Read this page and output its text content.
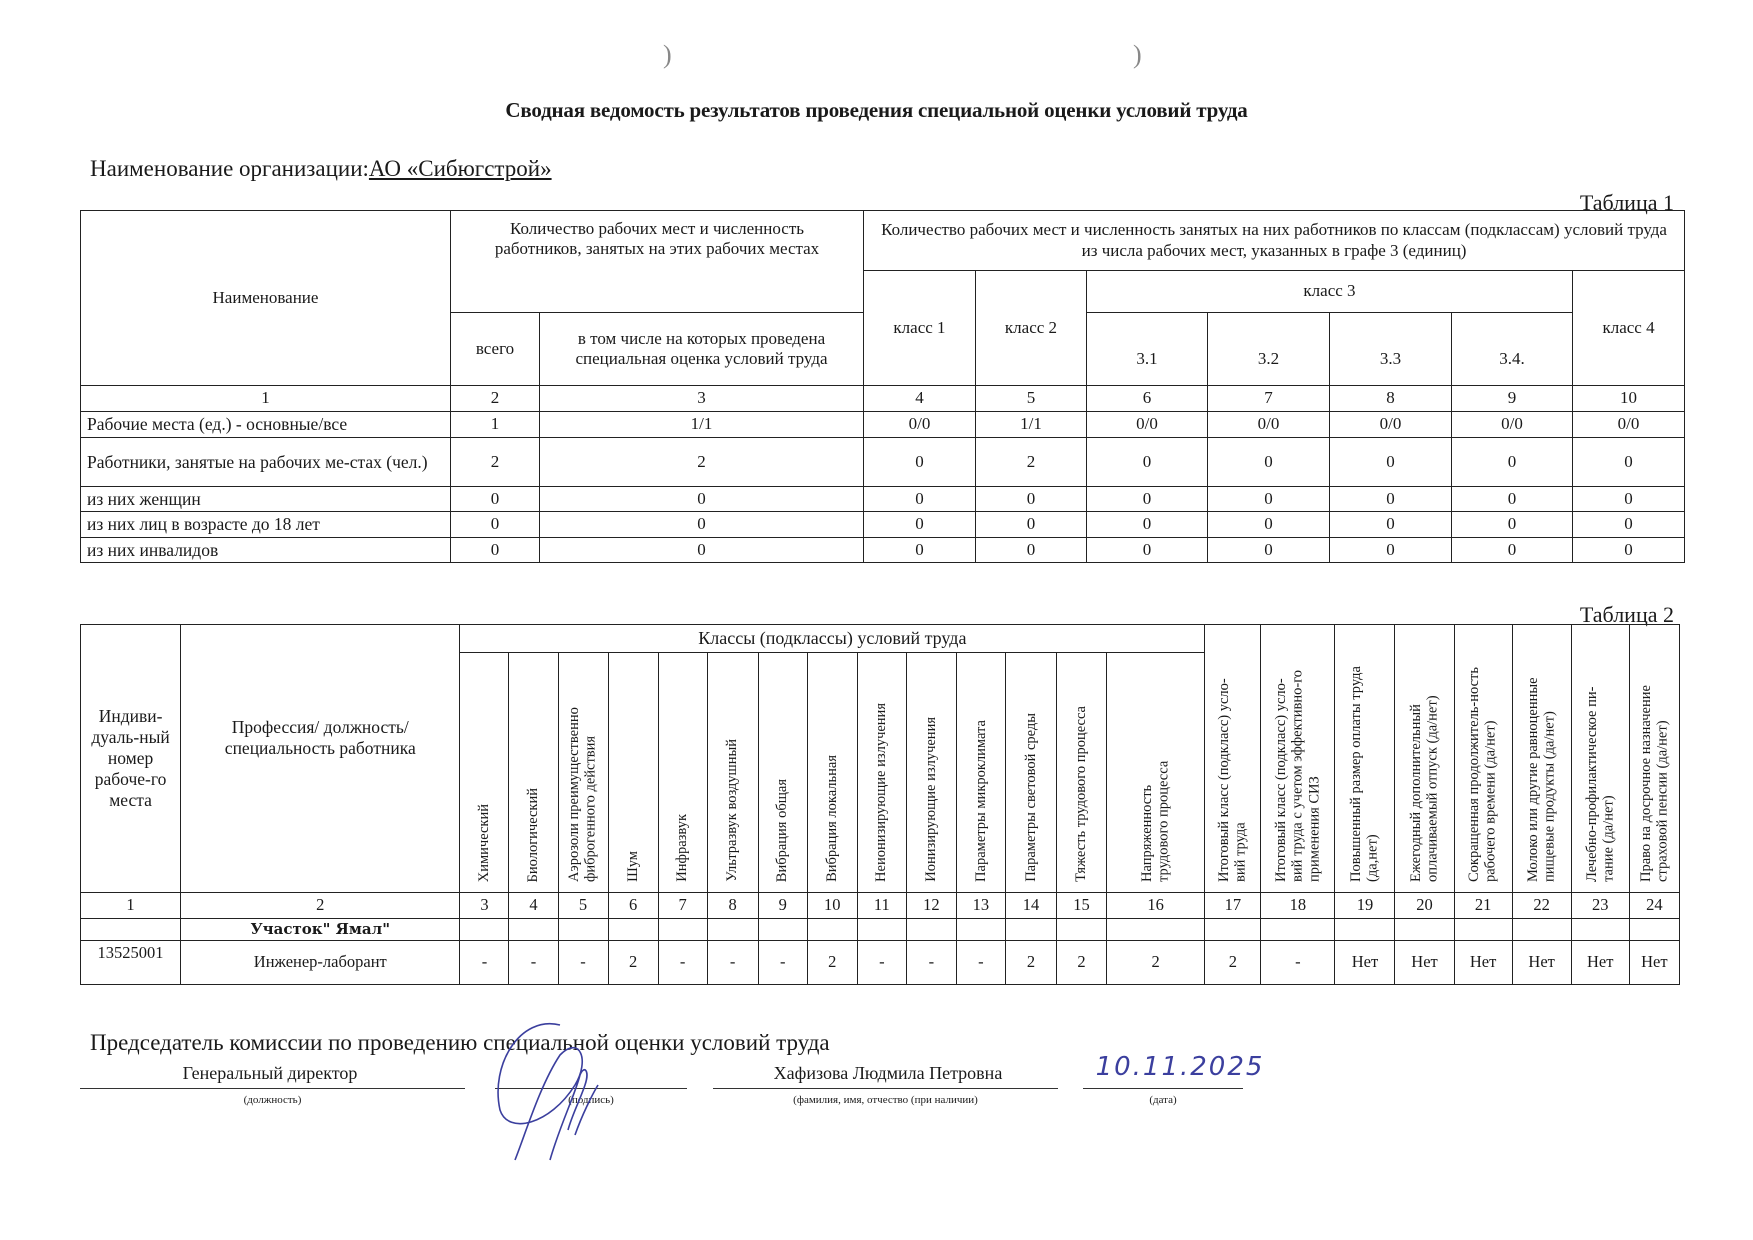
)	)
Сводная ведомость результатов проведения специальной оценки условий труда
Наименование организации:АО «Сибюгстрой»
Таблица 1
Наименование	Количество рабочих мест и численность работников, занятых на этих рабочих местах		Количество рабочих мест и численность занятых на них работников по классам (подклассам) условий труда из числа рабочих мест, указанных в графе 3 (единиц)						
			класс 1	класс 2	класс 3				класс 4
	всего	в том числе на которых проведена специальная оценка условий труда			3.1	3.2	3.3	3.4.	
1	2	3	4	5	6	7	8	9	10
Рабочие места (ед.) - основные/все	1	1/1	0/0	1/1	0/0	0/0	0/0	0/0	0/0
Работники, занятые на рабочих ме-стах (чел.)	2	2	0	2	0	0	0	0	0
из них женщин	0	0	0	0	0	0	0	0	0
из них лиц в возрасте до 18 лет	0	0	0	0	0	0	0	0	0
из них инвалидов	0	0	0	0	0	0	0	0	0
Таблица 2
Индиви-дуаль-ный номер рабоче-го места	Профессия/ должность/ специальность работника	Классы (подклассы) условий труда														Итоговый класс (подкласс) усло-вий труда	Итоговый класс (подкласс) усло-вий труда с учетом эффективно-го применения СИЗ	Повышенный размер оплаты труда (да,нет)	Ежегодный дополнительный оплачиваемый отпуск (да/нет)	Сокращенная продолжитель-ность рабочего времени (да/нет)	Молоко или другие равноценные пищевые продукты (да/нет)	Лечебно-профилактическое пи-тание (да/нет)	Право на досрочное назначение страховой пенсии (да/нет)
		Химический	Биологический	Аэрозоли преимущественно фиброгенного действия	Шум	Инфразвук	Ультразвук воздушный	Вибрация общая	Вибрация локальная	Неионизирующие излучения	Ионизирующие излучения	Параметры микроклимата	Параметры световой среды	Тяжесть трудового процесса	Напряженность трудового процесса								
1	2	3	4	5	6	7	8	9	10	11	12	13	14	15	16	17	18	19	20	21	22	23	24
	Участок" Ямал"																						
13525001	Инженер-лаборант	-	-	-	2	-	-	-	2	-	-	-	2	2	2	2	-	Нет	Нет	Нет	Нет	Нет	Нет
Председатель комиссии по проведению специальной оценки условий труда
Генеральный директор
(должность)	(подпись)
Хафизова Людмила Петровна
(фамилия, имя, отчество (при наличии)
10.11.2025
(дата)
